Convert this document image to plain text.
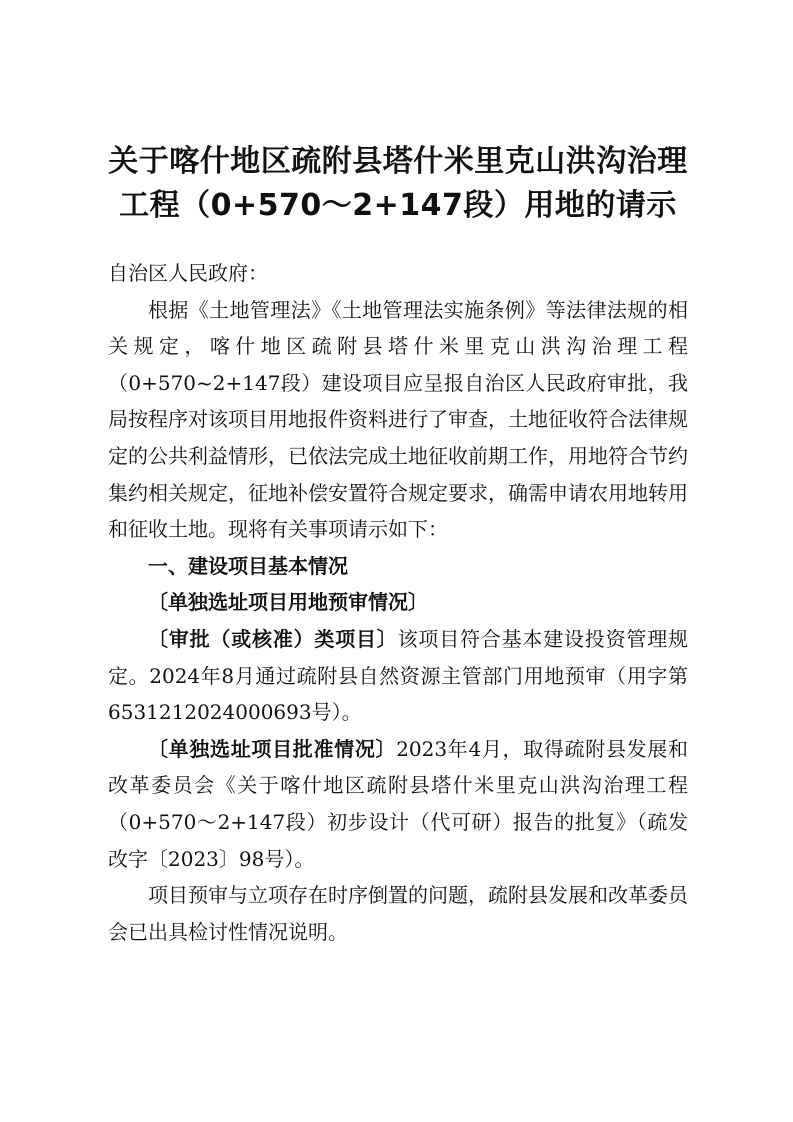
关于喀什地区疏附县塔什米里克山洪沟治理工程（0+570～2+147段）用地的请示

自治区人民政府：

根据《土地管理法》《土地管理法实施条例》等法律法规的相关规定，喀什地区疏附县塔什米里克山洪沟治理工程（0+570~2+147段）建设项目应呈报自治区人民政府审批，我局按程序对该项目用地报件资料进行了审查，土地征收符合法律规定的公共利益情形，已依法完成土地征收前期工作，用地符合节约集约相关规定，征地补偿安置符合规定要求，确需申请农用地转用和征收土地。现将有关事项请示如下：

一、建设项目基本情况

〔单独选址项目用地预审情况〕

〔审批（或核准）类项目〕该项目符合基本建设投资管理规定。2024年8月通过疏附县自然资源主管部门用地预审（用字第6531212024000693号）。

〔单独选址项目批准情况〕2023年4月，取得疏附县发展和改革委员会《关于喀什地区疏附县塔什米里克山洪沟治理工程（0+570～2+147段）初步设计（代可研）报告的批复》（疏发改字〔2023〕98号）。

项目预审与立项存在时序倒置的问题，疏附县发展和改革委员会已出具检讨性情况说明。
